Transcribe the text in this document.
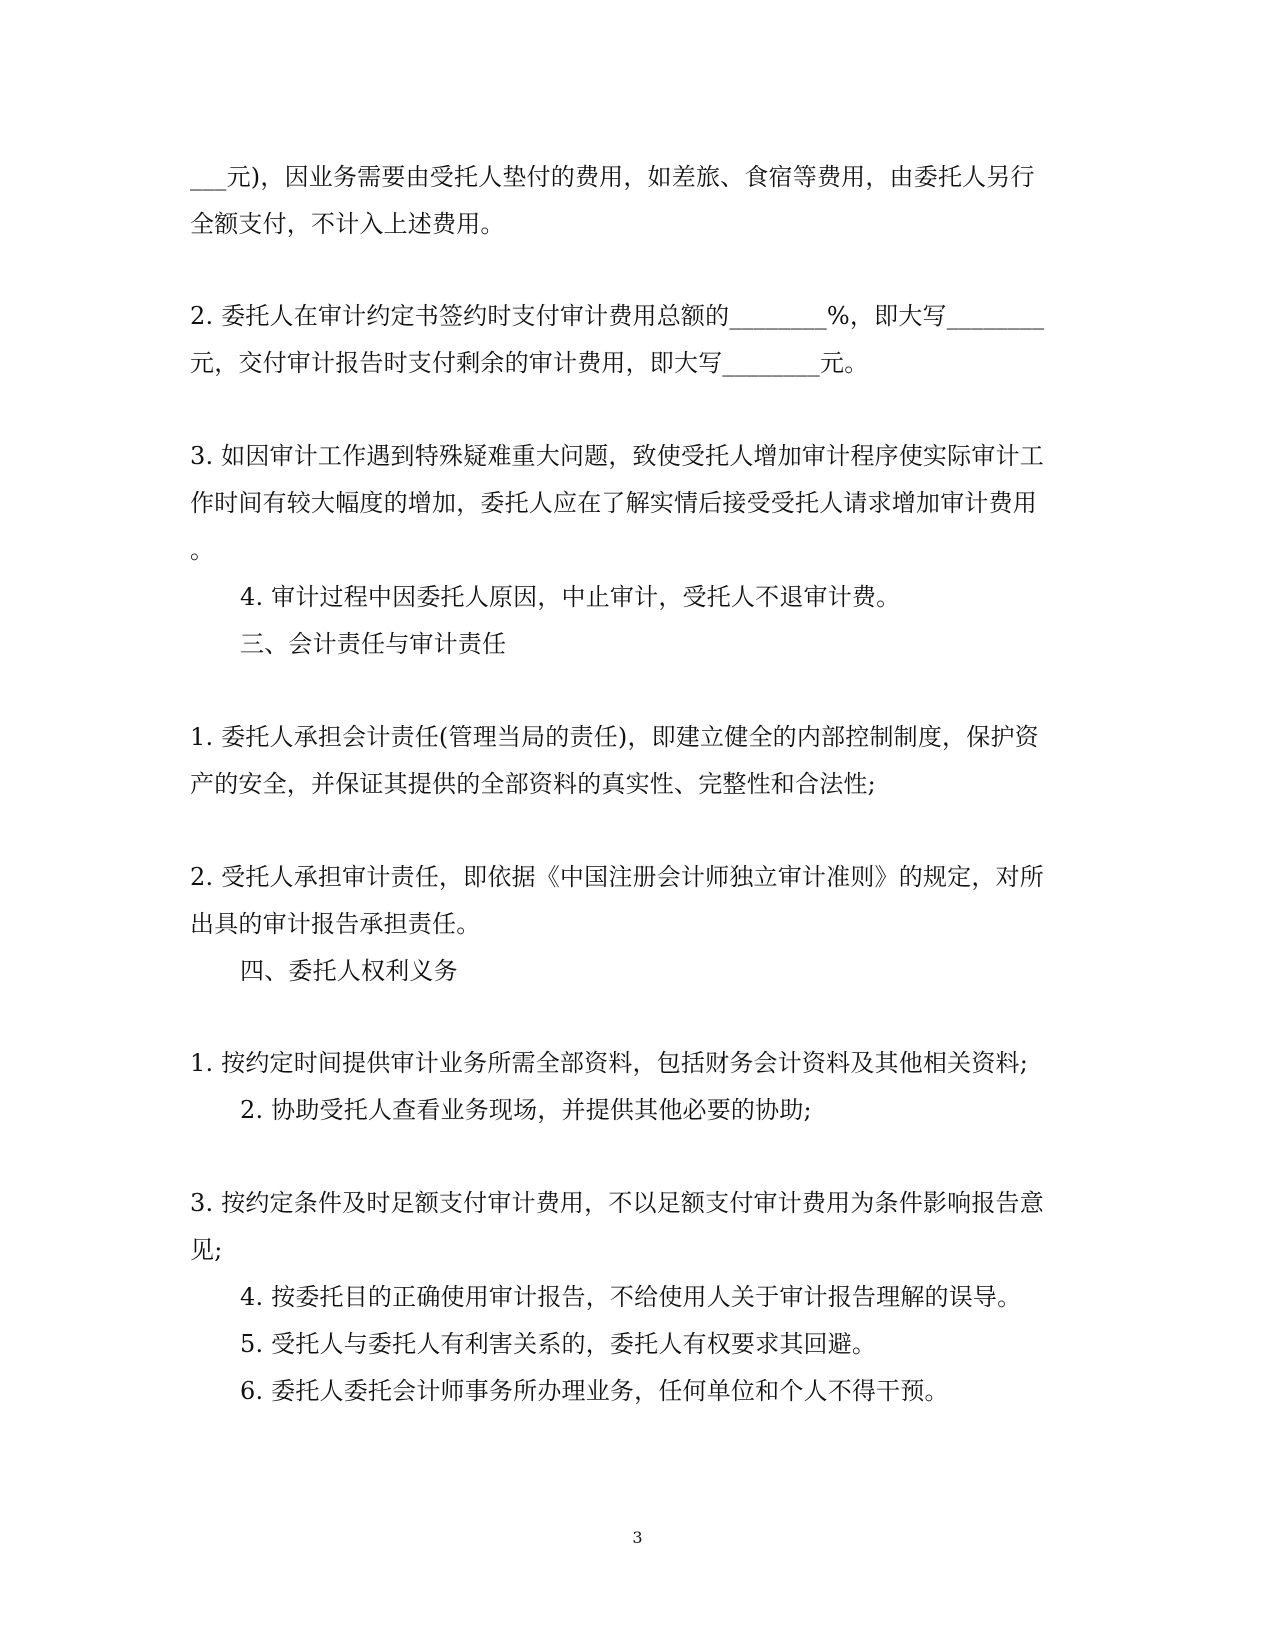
___元)，因业务需要由受托人垫付的费用，如差旅、食宿等费用，由委托人另行
全额支付，不计入上述费用。
2. 委托人在审计约定书签约时支付审计费用总额的________%，即大写________
元，交付审计报告时支付剩余的审计费用，即大写________元。
3. 如因审计工作遇到特殊疑难重大问题，致使受托人增加审计程序使实际审计工
作时间有较大幅度的增加，委托人应在了解实情后接受受托人请求增加审计费用
。
4. 审计过程中因委托人原因，中止审计，受托人不退审计费。
三、会计责任与审计责任
1. 委托人承担会计责任(管理当局的责任)，即建立健全的内部控制制度，保护资
产的安全，并保证其提供的全部资料的真实性、完整性和合法性;
2. 受托人承担审计责任，即依据《中国注册会计师独立审计准则》的规定，对所
出具的审计报告承担责任。
四、委托人权利义务
1. 按约定时间提供审计业务所需全部资料，包括财务会计资料及其他相关资料;
2. 协助受托人查看业务现场，并提供其他必要的协助;
3. 按约定条件及时足额支付审计费用，不以足额支付审计费用为条件影响报告意
见;
4. 按委托目的正确使用审计报告，不给使用人关于审计报告理解的误导。
5. 受托人与委托人有利害关系的，委托人有权要求其回避。
6. 委托人委托会计师事务所办理业务，任何单位和个人不得干预。
3
